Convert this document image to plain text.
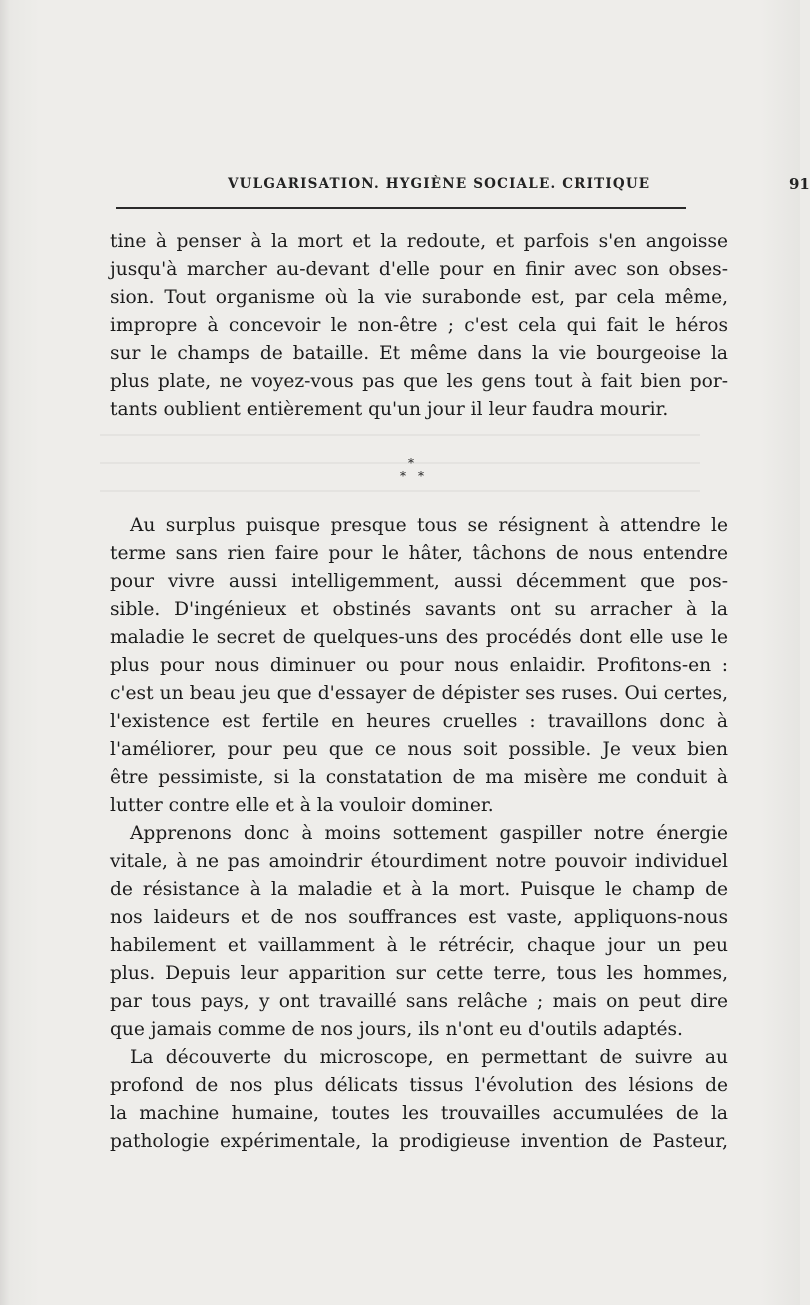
VULGARISATION. HYGIÈNE SOCIALE. CRITIQUE	91
tine à penser à la mort et la redoute, et parfois s'en angoisse
jusqu'à marcher au-devant d'elle pour en finir avec son obses-
sion. Tout organisme où la vie surabonde est, par cela même,
impropre à concevoir le non-être ; c'est cela qui fait le héros
sur le champs de bataille. Et même dans la vie bourgeoise la
plus plate, ne voyez-vous pas que les gens tout à fait bien por-
tants oublient entièrement qu'un jour il leur faudra mourir.
*
* *
Au surplus puisque presque tous se résignent à attendre le
terme sans rien faire pour le hâter, tâchons de nous entendre
pour vivre aussi intelligemment, aussi décemment que pos-
sible. D'ingénieux et obstinés savants ont su arracher à la
maladie le secret de quelques-uns des procédés dont elle use le
plus pour nous diminuer ou pour nous enlaidir. Profitons-en :
c'est un beau jeu que d'essayer de dépister ses ruses. Oui certes,
l'existence est fertile en heures cruelles : travaillons donc à
l'améliorer, pour peu que ce nous soit possible. Je veux bien
être pessimiste, si la constatation de ma misère me conduit à
lutter contre elle et à la vouloir dominer.
Apprenons donc à moins sottement gaspiller notre énergie
vitale, à ne pas amoindrir étourdiment notre pouvoir individuel
de résistance à la maladie et à la mort. Puisque le champ de
nos laideurs et de nos souffrances est vaste, appliquons-nous
habilement et vaillamment à le rétrécir, chaque jour un peu
plus. Depuis leur apparition sur cette terre, tous les hommes,
par tous pays, y ont travaillé sans relâche ; mais on peut dire
que jamais comme de nos jours, ils n'ont eu d'outils adaptés.
La découverte du microscope, en permettant de suivre au
profond de nos plus délicats tissus l'évolution des lésions de
la machine humaine, toutes les trouvailles accumulées de la
pathologie expérimentale, la prodigieuse invention de Pasteur,
